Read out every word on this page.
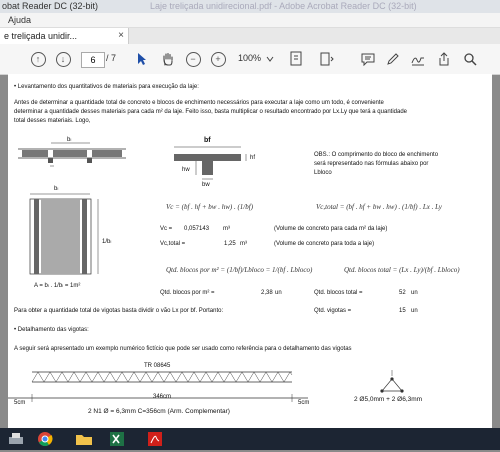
obat Reader DC (32-bit)	Laje treliçada unidirecional.pdf - Adobe Acrobat Reader DC (32-bit)
Ajuda
e treliçada unidir...	×
↑	↓	6	/ 7	−	+	100%
• Levantamento dos quantitativos de materiais para execução da laje:
Antes de determinar a quantidade total de concreto e blocos de enchimento necessários para executar a laje como um todo, é conveniente
determinar a quantidade desses materiais para cada m² da laje. Feito isso, basta multiplicar o resultado encontrado por Lx.Ly que terá a quantidade
total desses materiais. Logo,
bₗ	bf
hf
hw
bw
bₗ
1/bₗ
OBS.: O comprimento do bloco de enchimento
será representado nas fórmulas abaixo por
Lbloco
Vc = (bf . hf + bw . hw) . (1/bf)	Vc,total = (bf . hf + bw . hw) . (1/bf) . Lx . Ly
Vc = 0,057143 m³	(Volume de concreto para cada m² da laje)
Vc,total =	1,25 m³	(Volume de concreto para toda a laje)
A = bₗ . 1/bₗ = 1m²
Qtd. blocos por m² = (1/bf)/Lbloco = 1/(bf . Lbloco)	Qtd. blocos total = (Lx . Ly)/(bf . Lbloco)
Qtd. blocos por m² =	2,38 un	Qtd. blocos total =	52 un
Para obter a quantidade total de vigotas basta dividir o vão Lx por bf. Portanto:	Qtd. vigotas =	15 un
• Detalhamento das vigotas:
A seguir será apresentado um exemplo numérico fictício que pode ser usado como referência para o detalhamento das vigotas
TR 08645
5cm
346cm
5cm
2 N1 Ø = 6,3mm C=356cm (Arm. Complementar)
2 Ø5,0mm + 2 Ø6,3mm
